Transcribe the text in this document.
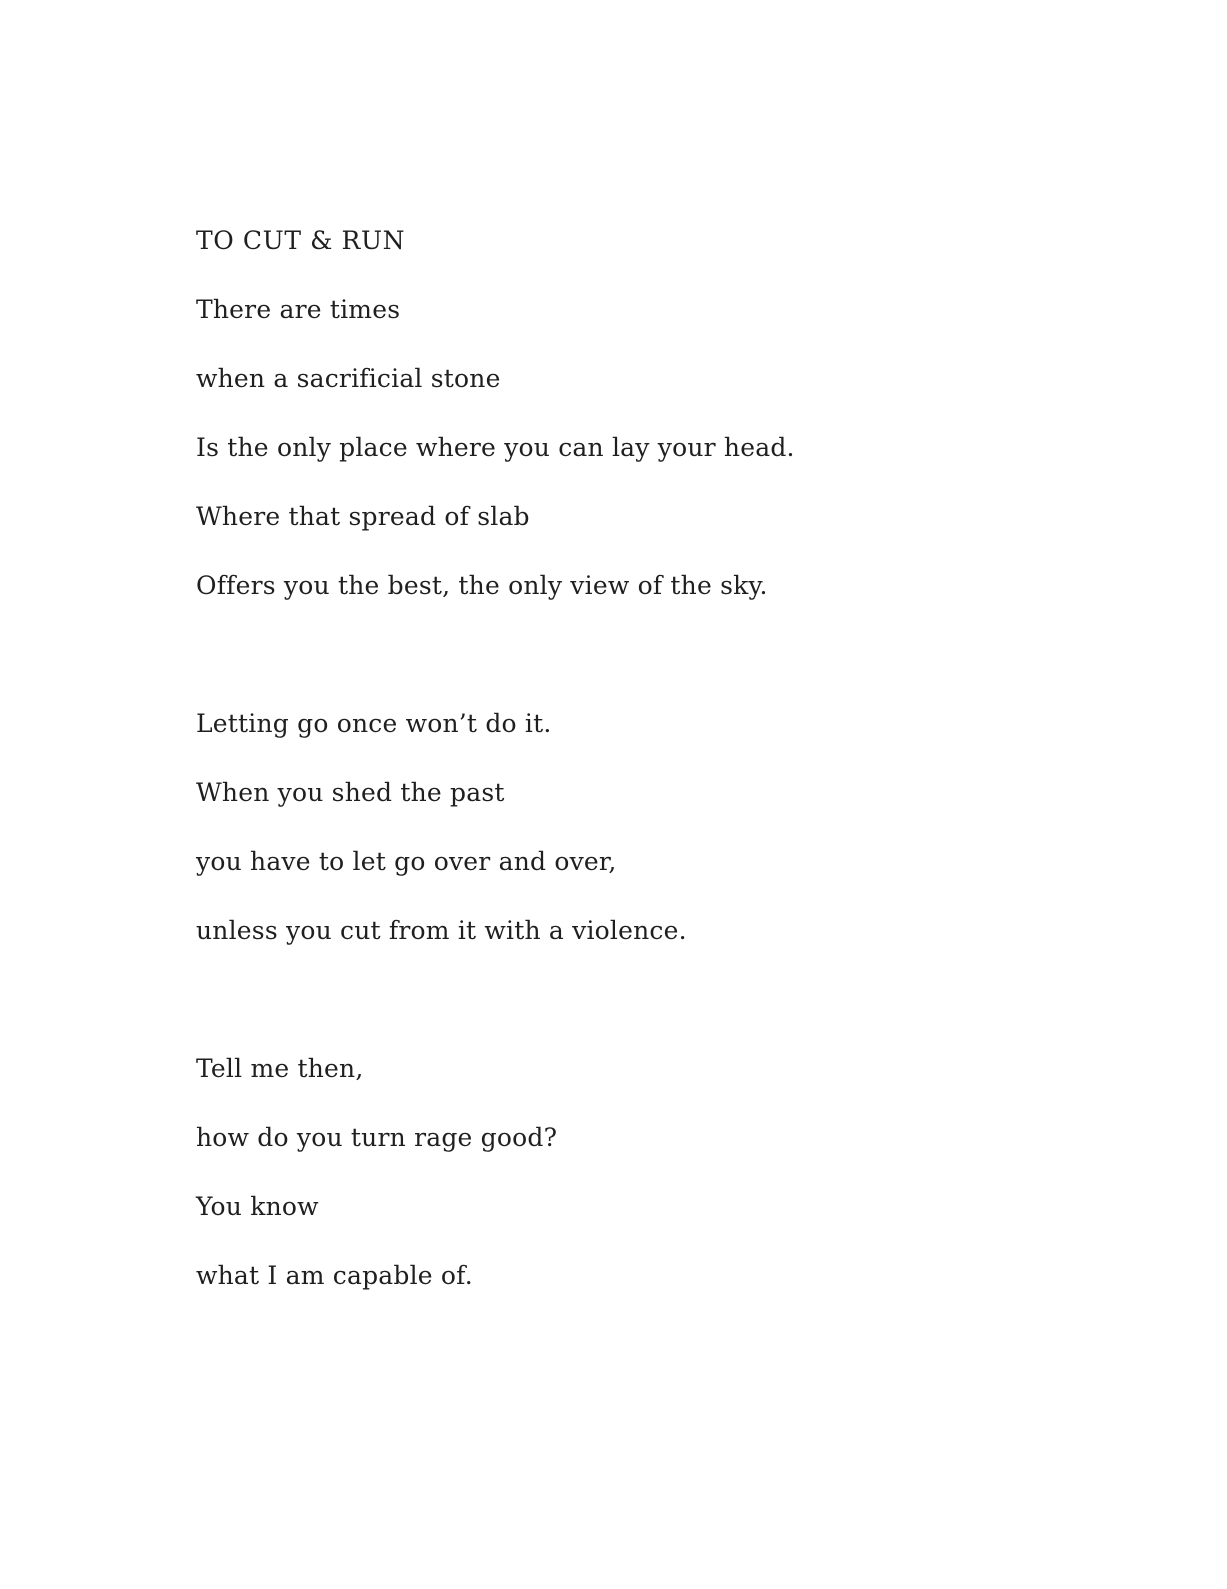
TO CUT & RUN

There are times

when a sacrificial stone

Is the only place where you can lay your head.

Where that spread of slab

Offers you the best, the only view of the sky.

Letting go once won’t do it.

When you shed the past

you have to let go over and over,

unless you cut from it with a violence.

Tell me then,

how do you turn rage good?

You know

what I am capable of.
